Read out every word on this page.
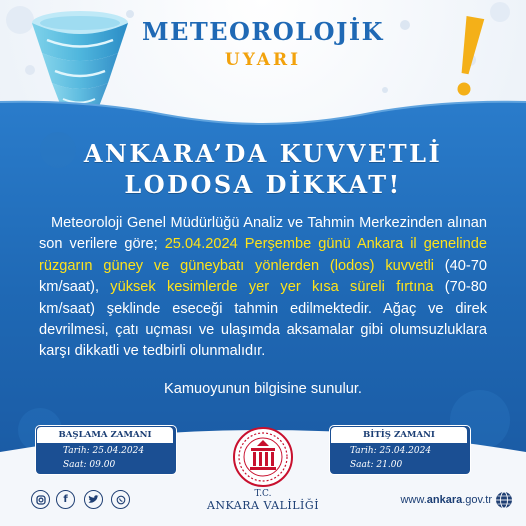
METEOROLOJİK
UYARI
ANKARA’DA KUVVETLİ
LODOSA DİKKAT!
Meteoroloji Genel Müdürlüğü Analiz ve Tahmin Merkezinden alınan son verilere göre; 25.04.2024 Perşembe günü Ankara il genelinde rüzgarın güney ve güneybatı yönlerden (lodos) kuvvetli (40-70 km/saat), yüksek kesimlerde yer yer kısa süreli fırtına (70-80 km/saat) şeklinde eseceği tahmin edilmektedir. Ağaç ve direk devrilmesi, çatı uçması ve ulaşımda aksamalar gibi olumsuzluklara karşı dikkatli ve tedbirli olunmalıdır.
Kamuoyunun bilgisine sunulur.
BAŞLAMA ZAMANI
Tarih: 25.04.2024
Saat: 09.00
BİTİŞ ZAMANI
Tarih: 25.04.2024
Saat: 21.00
f	T.C.
ANKARA VALİLİĞİ	www.ankara.gov.tr
